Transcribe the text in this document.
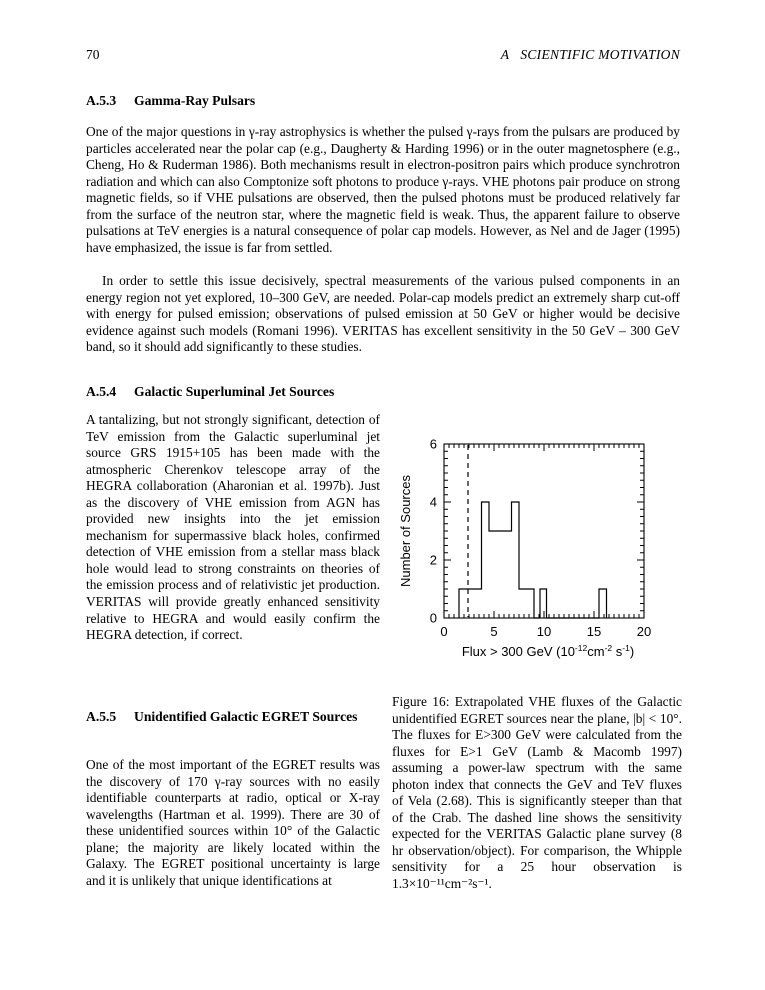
70	A SCIENTIFIC MOTIVATION
A.5.3 Gamma-Ray Pulsars

One of the major questions in γ-ray astrophysics is whether the pulsed γ-rays from the pulsars are produced by particles accelerated near the polar cap (e.g., Daugherty & Harding 1996) or in the outer magnetosphere (e.g., Cheng, Ho & Ruderman 1986). Both mechanisms result in electron-positron pairs which produce synchrotron radiation and which can also Comptonize soft photons to produce γ-rays. VHE photons pair produce on strong magnetic fields, so if VHE pulsations are observed, then the pulsed photons must be produced relatively far from the surface of the neutron star, where the magnetic field is weak. Thus, the apparent failure to observe pulsations at TeV energies is a natural consequence of polar cap models. However, as Nel and de Jager (1995) have emphasized, the issue is far from settled.

In order to settle this issue decisively, spectral measurements of the various pulsed components in an energy region not yet explored, 10–300 GeV, are needed. Polar-cap models predict an extremely sharp cut-off with energy for pulsed emission; observations of pulsed emission at 50 GeV or higher would be decisive evidence against such models (Romani 1996). VERITAS has excellent sensitivity in the 50 GeV – 300 GeV band, so it should add significantly to these studies.

A.5.4 Galactic Superluminal Jet Sources

A tantalizing, but not strongly significant, detection of TeV emission from the Galactic superluminal jet source GRS 1915+105 has been made with the atmospheric Cherenkov telescope array of the HEGRA collaboration (Aharonian et al. 1997b). Just as the discovery of VHE emission from AGN has provided new insights into the jet emission mechanism for supermassive black holes, confirmed detection of VHE emission from a stellar mass black hole would lead to strong constraints on theories of the emission process and of relativistic jet production. VERITAS will provide greatly enhanced sensitivity relative to HEGRA and would easily confirm the HEGRA detection, if correct.

A.5.5 Unidentified Galactic EGRET Sources

One of the most important of the EGRET results was the discovery of 170 γ-ray sources with no easily identifiable counterparts at radio, optical or X-ray wavelengths (Hartman et al. 1999). There are 30 of these unidentified sources within 10° of the Galactic plane; the majority are likely located within the Galaxy. The EGRET positional uncertainty is large and it is unlikely that unique identifications at

0	5	10	15	20
0
2
4
6
Number of Sources
Flux > 300 GeV ($10^{-12}cm^{-2}$ $s^{-1}$)
Figure 16: Extrapolated VHE fluxes of the Galactic unidentified EGRET sources near the plane, |b| < 10°. The fluxes for E>300 GeV were calculated from the fluxes for E>1 GeV (Lamb & Macomb 1997) assuming a power-law spectrum with the same photon index that connects the GeV and TeV fluxes of Vela (2.68). This is significantly steeper than that of the Crab. The dashed line shows the sensitivity expected for the VERITAS Galactic plane survey (8 hr observation/object). For comparison, the Whipple sensitivity for a 25 hour observation is 1.3×10⁻¹¹cm⁻²s⁻¹.
